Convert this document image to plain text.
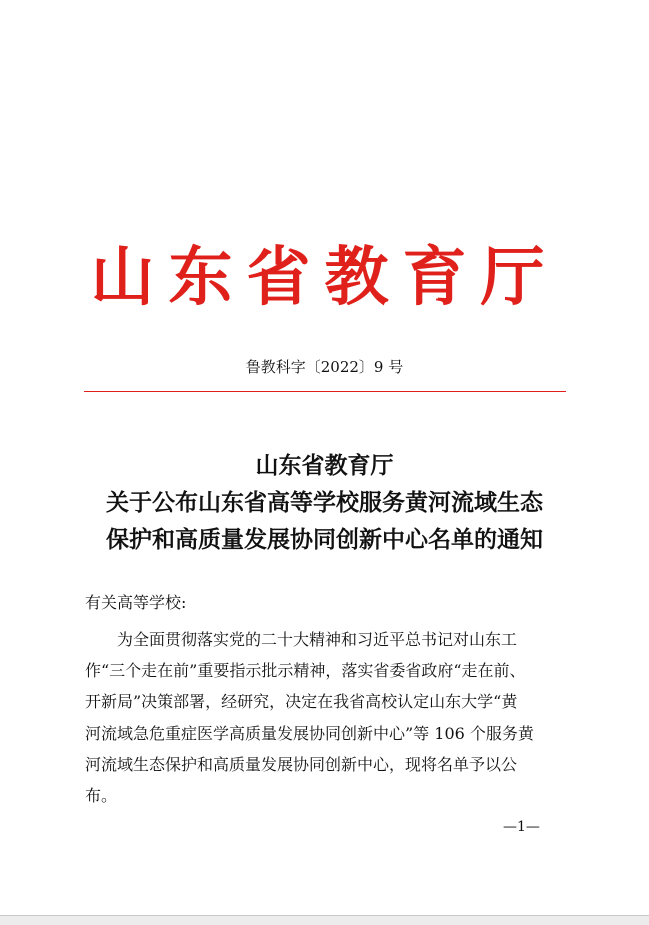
山东省教育厅
鲁教科字〔2022〕9 号
山东省教育厅
关于公布山东省高等学校服务黄河流域生态
保护和高质量发展协同创新中心名单的通知
有关高等学校:
为全面贯彻落实党的二十大精神和习近平总书记对山东工
作“三个走在前”重要指示批示精神，落实省委省政府“走在前、
开新局”决策部署，经研究，决定在我省高校认定山东大学“黄
河流域急危重症医学高质量发展协同创新中心”等 106 个服务黄
河流域生态保护和高质量发展协同创新中心，现将名单予以公
布。
—1—
